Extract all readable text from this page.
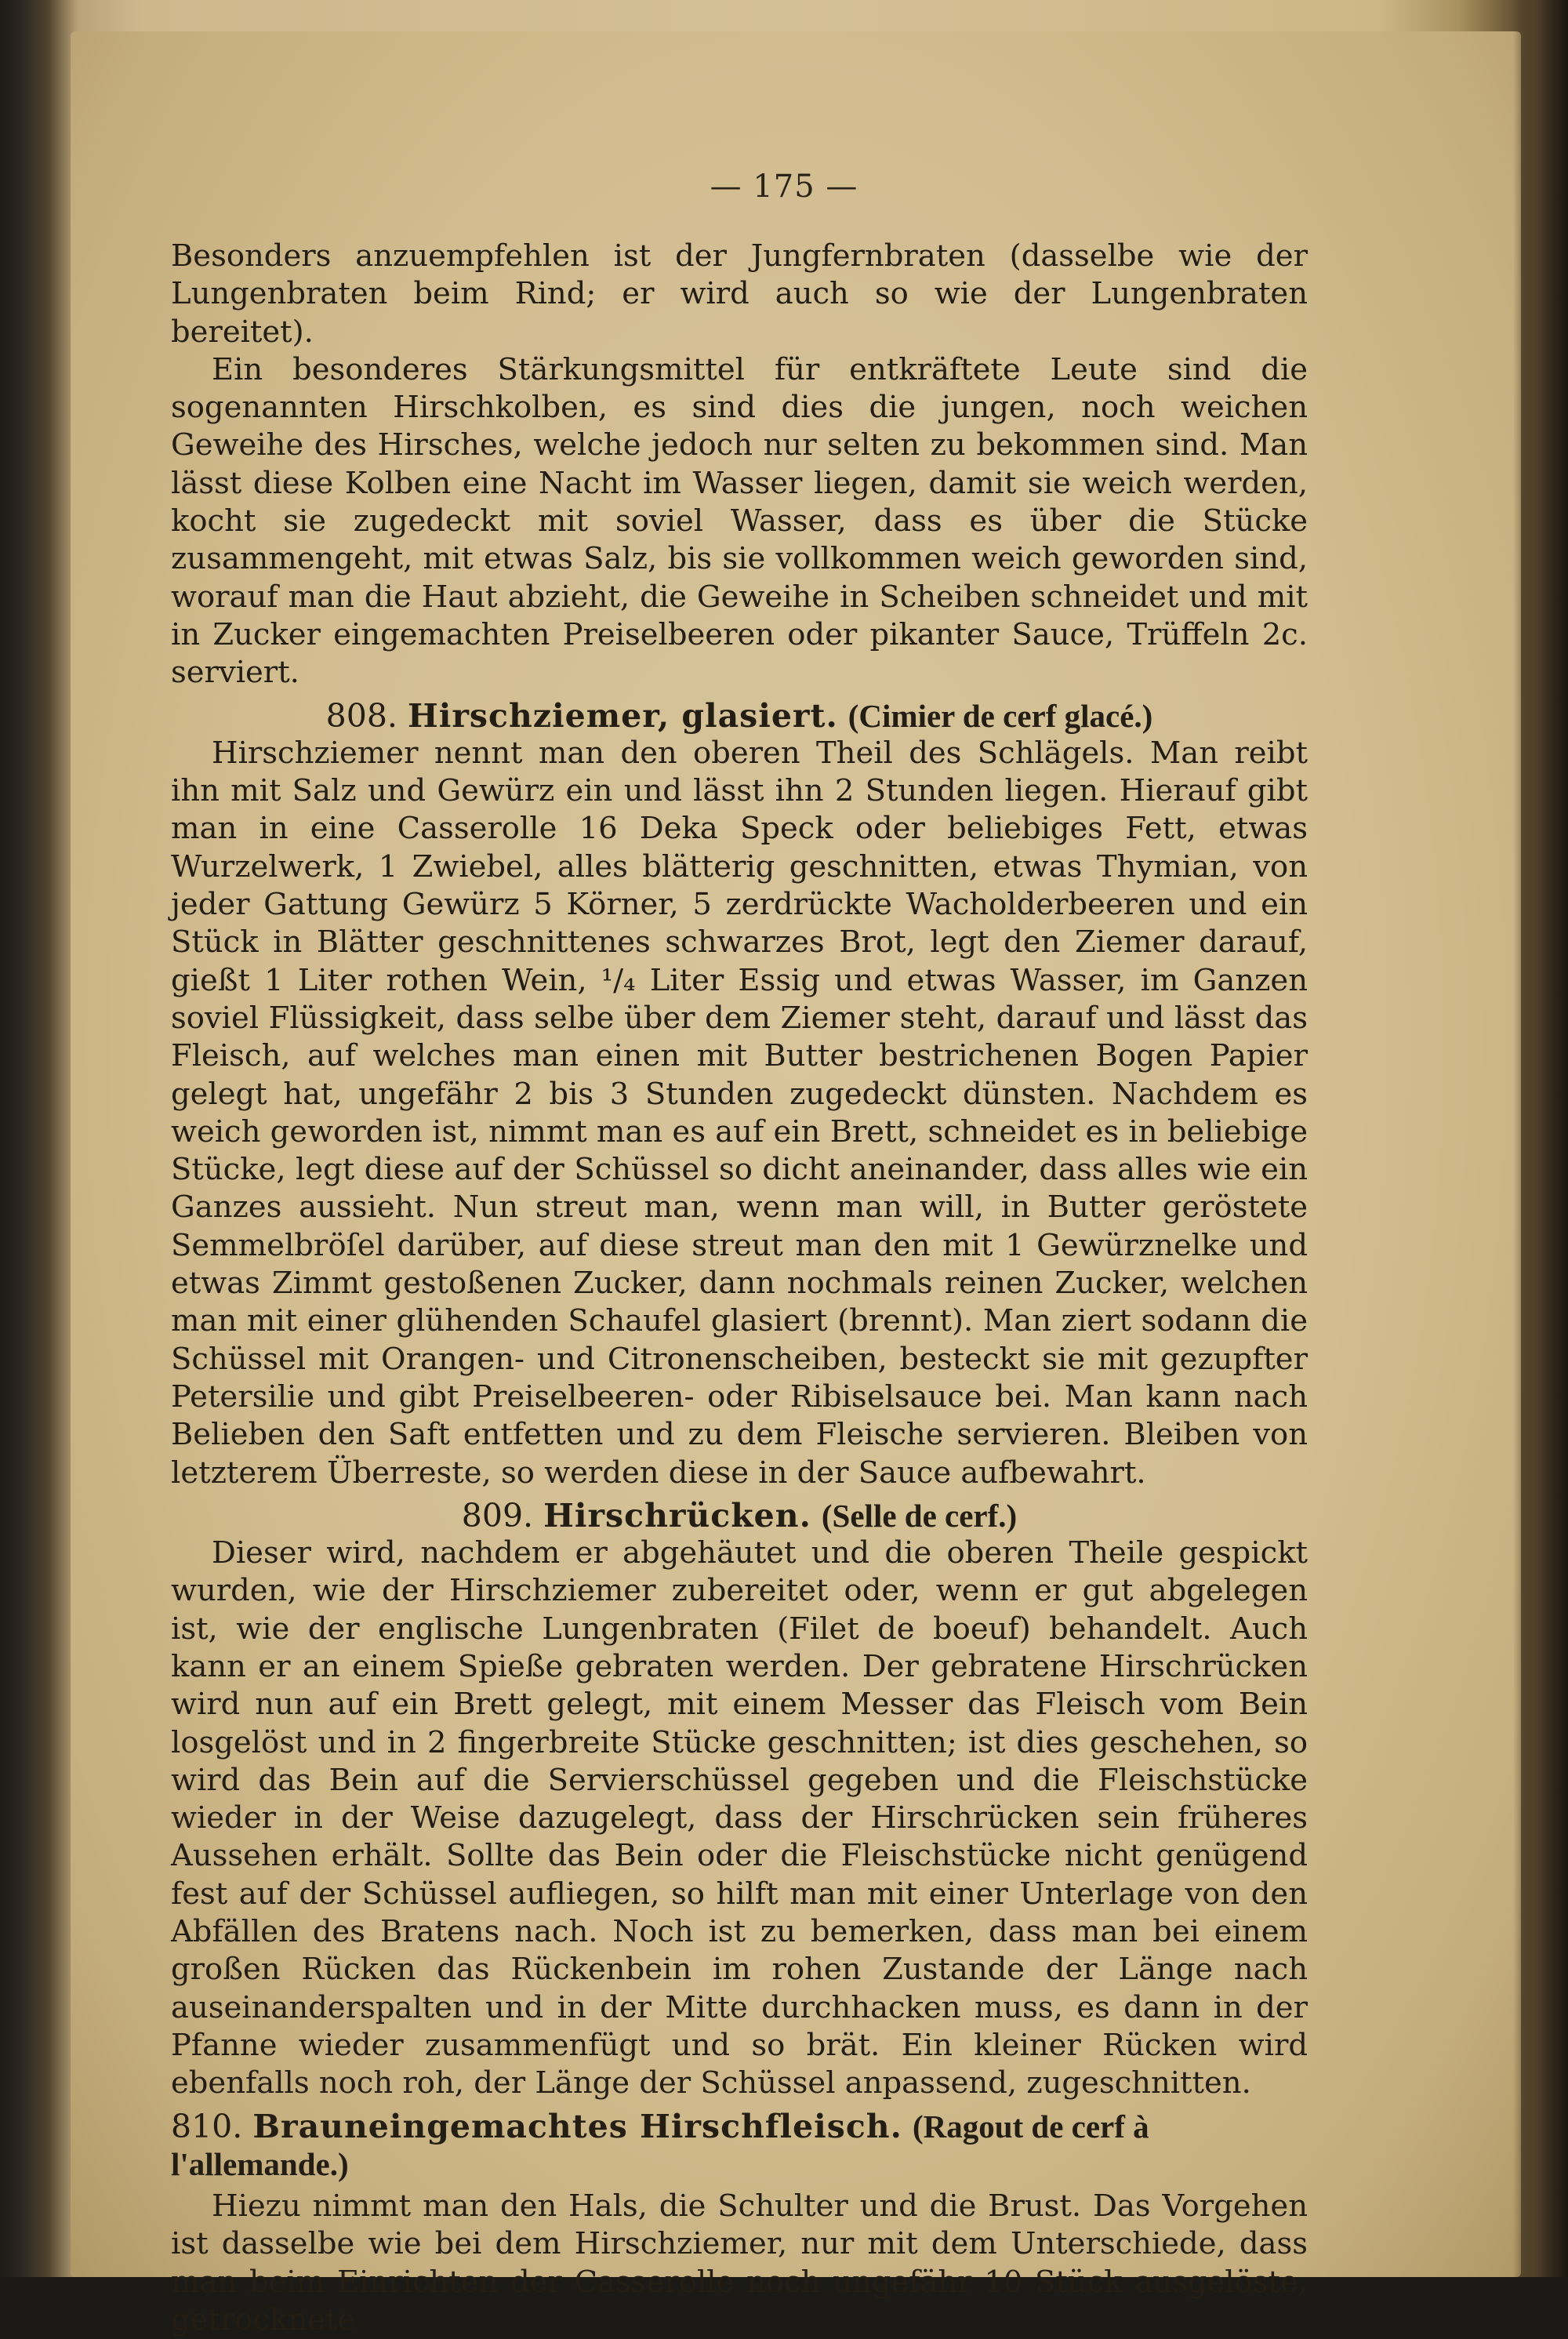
— 175 —

Besonders anzuempfehlen ist der Jungfernbraten (dasselbe wie der Lungenbraten beim Rind; er wird auch so wie der Lungenbraten bereitet).

Ein besonderes Stärkungsmittel für entkräftete Leute sind die sogenannten Hirschkolben, es sind dies die jungen, noch weichen Geweihe des Hirsches, welche jedoch nur selten zu bekommen sind. Man lässt diese Kolben eine Nacht im Wasser liegen, damit sie weich werden, kocht sie zugedeckt mit soviel Wasser, dass es über die Stücke zusammengeht, mit etwas Salz, bis sie vollkommen weich geworden sind, worauf man die Haut abzieht, die Geweihe in Scheiben schneidet und mit in Zucker eingemachten Preiselbeeren oder pikanter Sauce, Trüffeln 2c. serviert.

808. Hirschziemer, glasiert. (Cimier de cerf glacé.)

Hirschziemer nennt man den oberen Theil des Schlägels. Man reibt ihn mit Salz und Gewürz ein und lässt ihn 2 Stunden liegen. Hierauf gibt man in eine Casserolle 16 Deka Speck oder beliebiges Fett, etwas Wurzelwerk, 1 Zwiebel, alles blätterig geschnitten, etwas Thymian, von jeder Gattung Gewürz 5 Körner, 5 zerdrückte Wacholderbeeren und ein Stück in Blätter geschnittenes schwarzes Brot, legt den Ziemer darauf, gießt 1 Liter rothen Wein, ¹/₄ Liter Essig und etwas Wasser, im Ganzen soviel Flüssigkeit, dass selbe über dem Ziemer steht, darauf und lässt das Fleisch, auf welches man einen mit Butter bestrichenen Bogen Papier gelegt hat, ungefähr 2 bis 3 Stunden zugedeckt dünsten. Nachdem es weich geworden ist, nimmt man es auf ein Brett, schneidet es in beliebige Stücke, legt diese auf der Schüssel so dicht aneinander, dass alles wie ein Ganzes aussieht. Nun streut man, wenn man will, in Butter geröstete Semmelbröſel darüber, auf diese streut man den mit 1 Gewürznelke und etwas Zimmt gestoßenen Zucker, dann nochmals reinen Zucker, welchen man mit einer glühenden Schaufel glasiert (brennt). Man ziert sodann die Schüssel mit Orangen- und Citronenscheiben, besteckt sie mit gezupfter Petersilie und gibt Preiselbeeren- oder Ribiselsauce bei. Man kann nach Belieben den Saft entfetten und zu dem Fleische servieren. Bleiben von letzterem Überreste, so werden diese in der Sauce aufbewahrt.

809. Hirschrücken. (Selle de cerf.)

Dieser wird, nachdem er abgehäutet und die oberen Theile gespickt wurden, wie der Hirschziemer zubereitet oder, wenn er gut abgelegen ist, wie der englische Lungenbraten (Filet de boeuf) behandelt. Auch kann er an einem Spieße gebraten werden. Der gebratene Hirschrücken wird nun auf ein Brett gelegt, mit einem Messer das Fleisch vom Bein losgelöst und in 2 fingerbreite Stücke geschnitten; ist dies geschehen, so wird das Bein auf die Servierschüssel gegeben und die Fleischstücke wieder in der Weise dazugelegt, dass der Hirschrücken sein früheres Aussehen erhält. Sollte das Bein oder die Fleischstücke nicht genügend fest auf der Schüssel aufliegen, so hilft man mit einer Unterlage von den Abfällen des Bratens nach. Noch ist zu bemerken, dass man bei einem großen Rücken das Rückenbein im rohen Zustande der Länge nach auseinanderspalten und in der Mitte durchhacken muss, es dann in der Pfanne wieder zusammenfügt und so brät. Ein kleiner Rücken wird ebenfalls noch roh, der Länge der Schüssel anpassend, zugeschnitten.

810. Brauneingemachtes Hirschfleisch. (Ragout de cerf à l'allemande.)

Hiezu nimmt man den Hals, die Schulter und die Brust. Das Vorgehen ist dasselbe wie bei dem Hirschziemer, nur mit dem Unterschiede, dass man beim Einrichten der Casserolle noch ungefähr 10 Stück ausgelöste, getrocknete
